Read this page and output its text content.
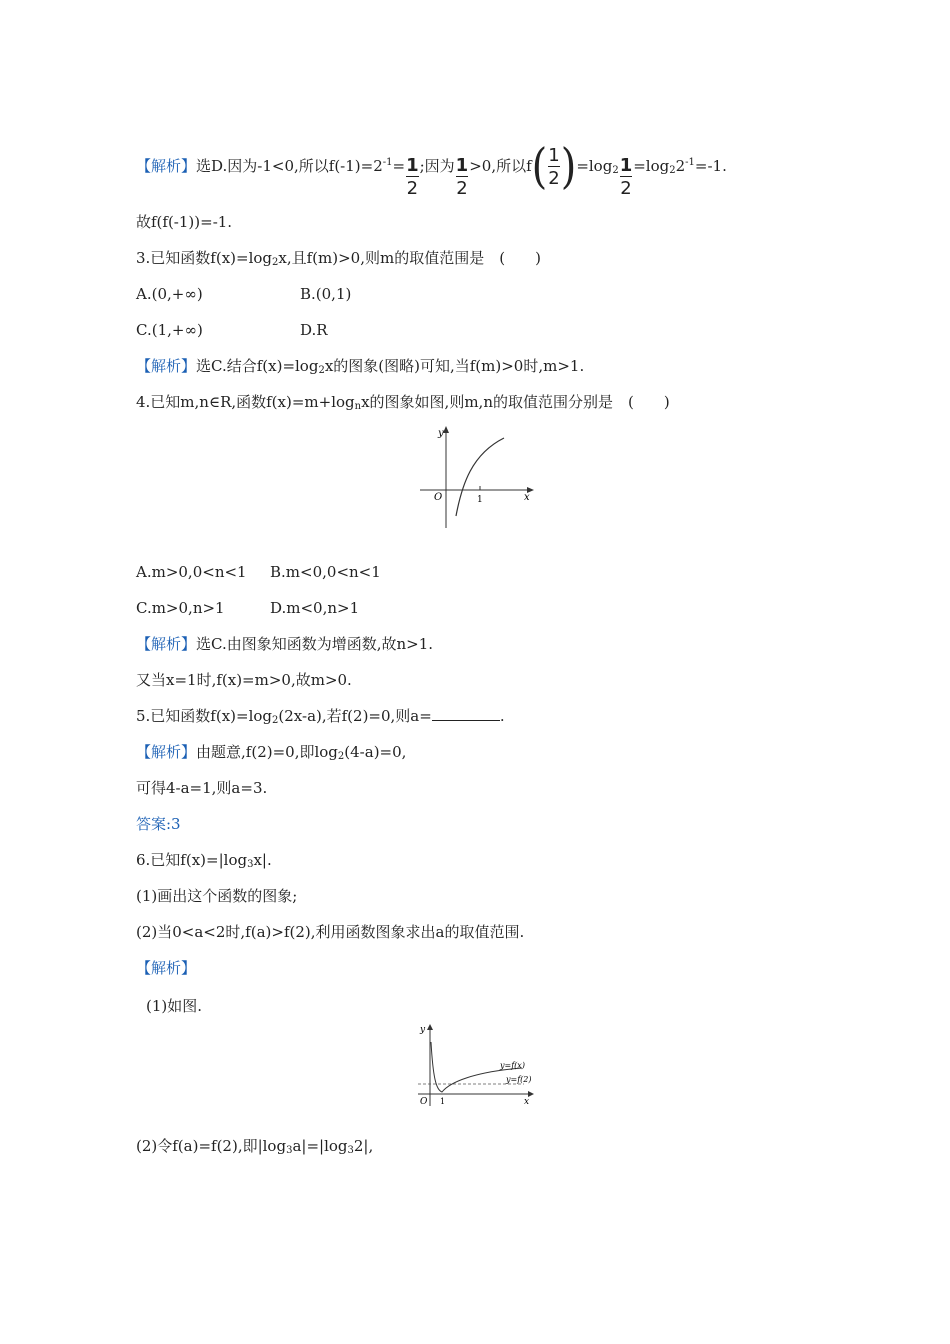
【解析】选D.因为-1<0,所以$f(-1)=2^{-1}= \frac{1}{2}$ ;因为 $\frac{1}{2} >0$,所以$f( \frac{1}{2} )=\log_2 \frac{1}{2} =\log_22^{-1}=-1$.
故f(f(-1))=-1.
3.已知函数$f(x)=\log_2x$,且f(m)>0,则m的取值范围是　(　　)
A.(0,+∞)	B.(0,1)
C.(1,+∞)	D.R
【解析】选C.结合$f(x)=\log_2x$的图象(图略)可知,当f(m)>0时,m>1.
4.已知m,n∈R,函数$f(x)=m+\log_nx$的图象如图,则m,n的取值范围分别是　(　　)
y
x
O	1
A.m>0,0<n<1 B.m<0,0<n<1
C.m>0,n>1	D.m<0,n>1
【解析】选C.由图象知函数为增函数,故n>1.
又当x=1时,f(x)=m>0,故m>0.
5.已知函数$f(x)=\log_2(2x-a)$,若f(2)=0,则a=	.
【解析】由题意,f(2)=0,即$\log_2(4-a)=0$,
可得4-a=1,则a=3.
答案:3
6.已知$f(x)=|\log_3x|$.
(1)画出这个函数的图象;
(2)当0<a<2时,f(a)>f(2),利用函数图象求出a的取值范围.
【解析】
(1)如图.
y
x
O 1
y=f(x)
y=f(2)
(2)令f(a)=f(2),即$|\log_3a|=|\log_32|$,
